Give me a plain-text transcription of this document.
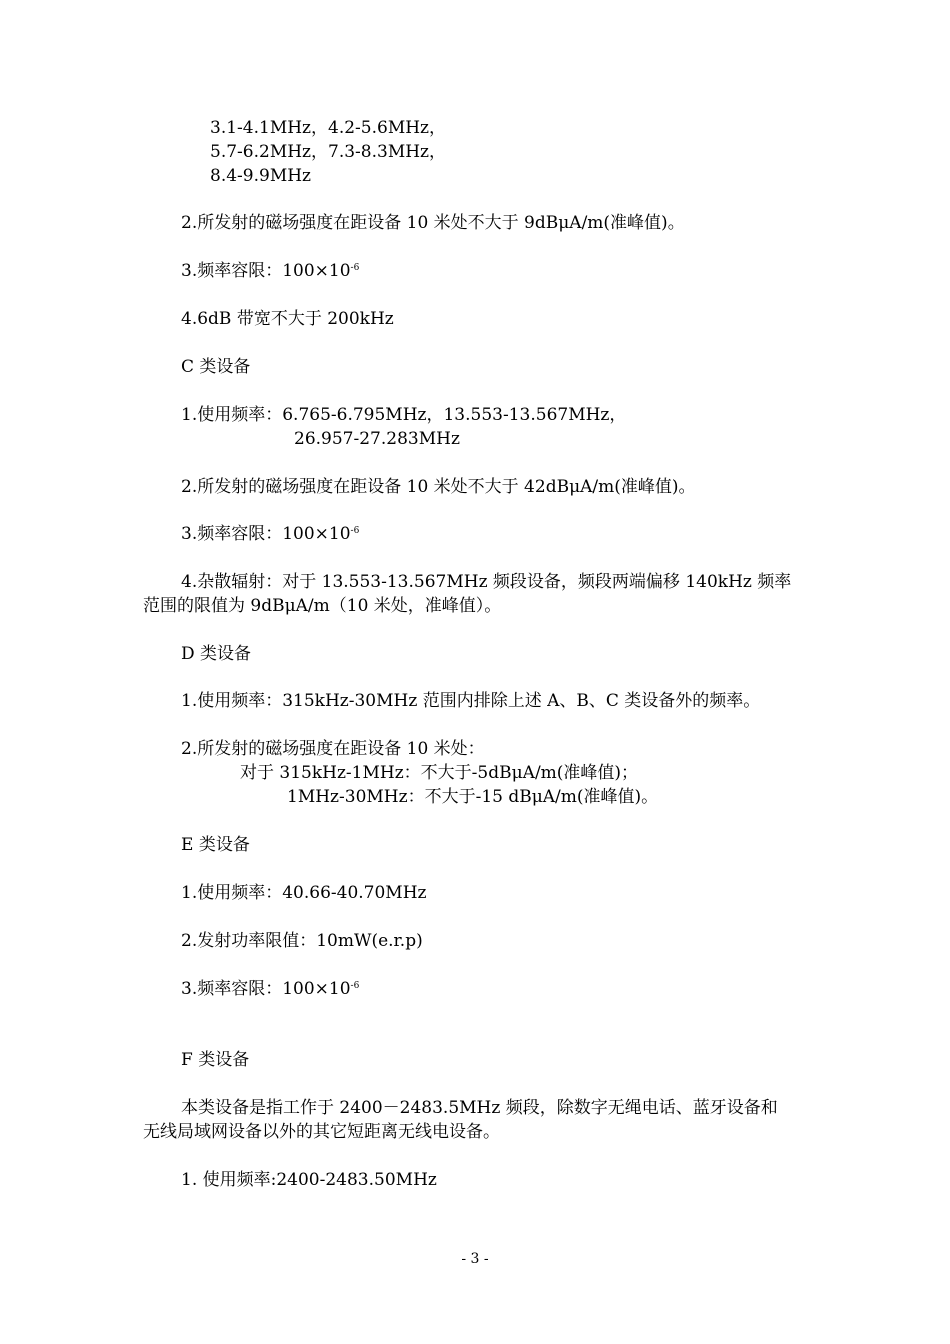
3.1-4.1MHz，4.2-5.6MHz，
5.7-6.2MHz，7.3-8.3MHz，
8.4-9.9MHz
2.所发射的磁场强度在距设备 10 米处不大于 9dBμA/m(准峰值)。
3.频率容限：$100\times 10^{-6}$
4.6dB 带宽不大于 200kHz
C 类设备
1.使用频率：6.765-6.795MHz，13.553-13.567MHz，
26.957-27.283MHz
2.所发射的磁场强度在距设备 10 米处不大于 42dBμA/m(准峰值)。
3.频率容限：$100\times 10^{-6}$
4.杂散辐射：对于 13.553-13.567MHz 频段设备，频段两端偏移 140kHz 频率
范围的限值为 9dBμA/m（10 米处，准峰值）。
D 类设备
1.使用频率：315kHz-30MHz 范围内排除上述 A、B、C 类设备外的频率。
2.所发射的磁场强度在距设备 10 米处：
对于 315kHz-1MHz：不大于-5dBμA/m(准峰值)；
1MHz-30MHz：不大于-15 dBμA/m(准峰值)。
E 类设备
1.使用频率：40.66-40.70MHz
2.发射功率限值：10mW(e.r.p)
3.频率容限：$100\times 10^{-6}$
F 类设备
本类设备是指工作于 2400－2483.5MHz 频段，除数字无绳电话、蓝牙设备和
无线局域网设备以外的其它短距离无线电设备。
1. 使用频率:2400-2483.50MHz
- 3 -
